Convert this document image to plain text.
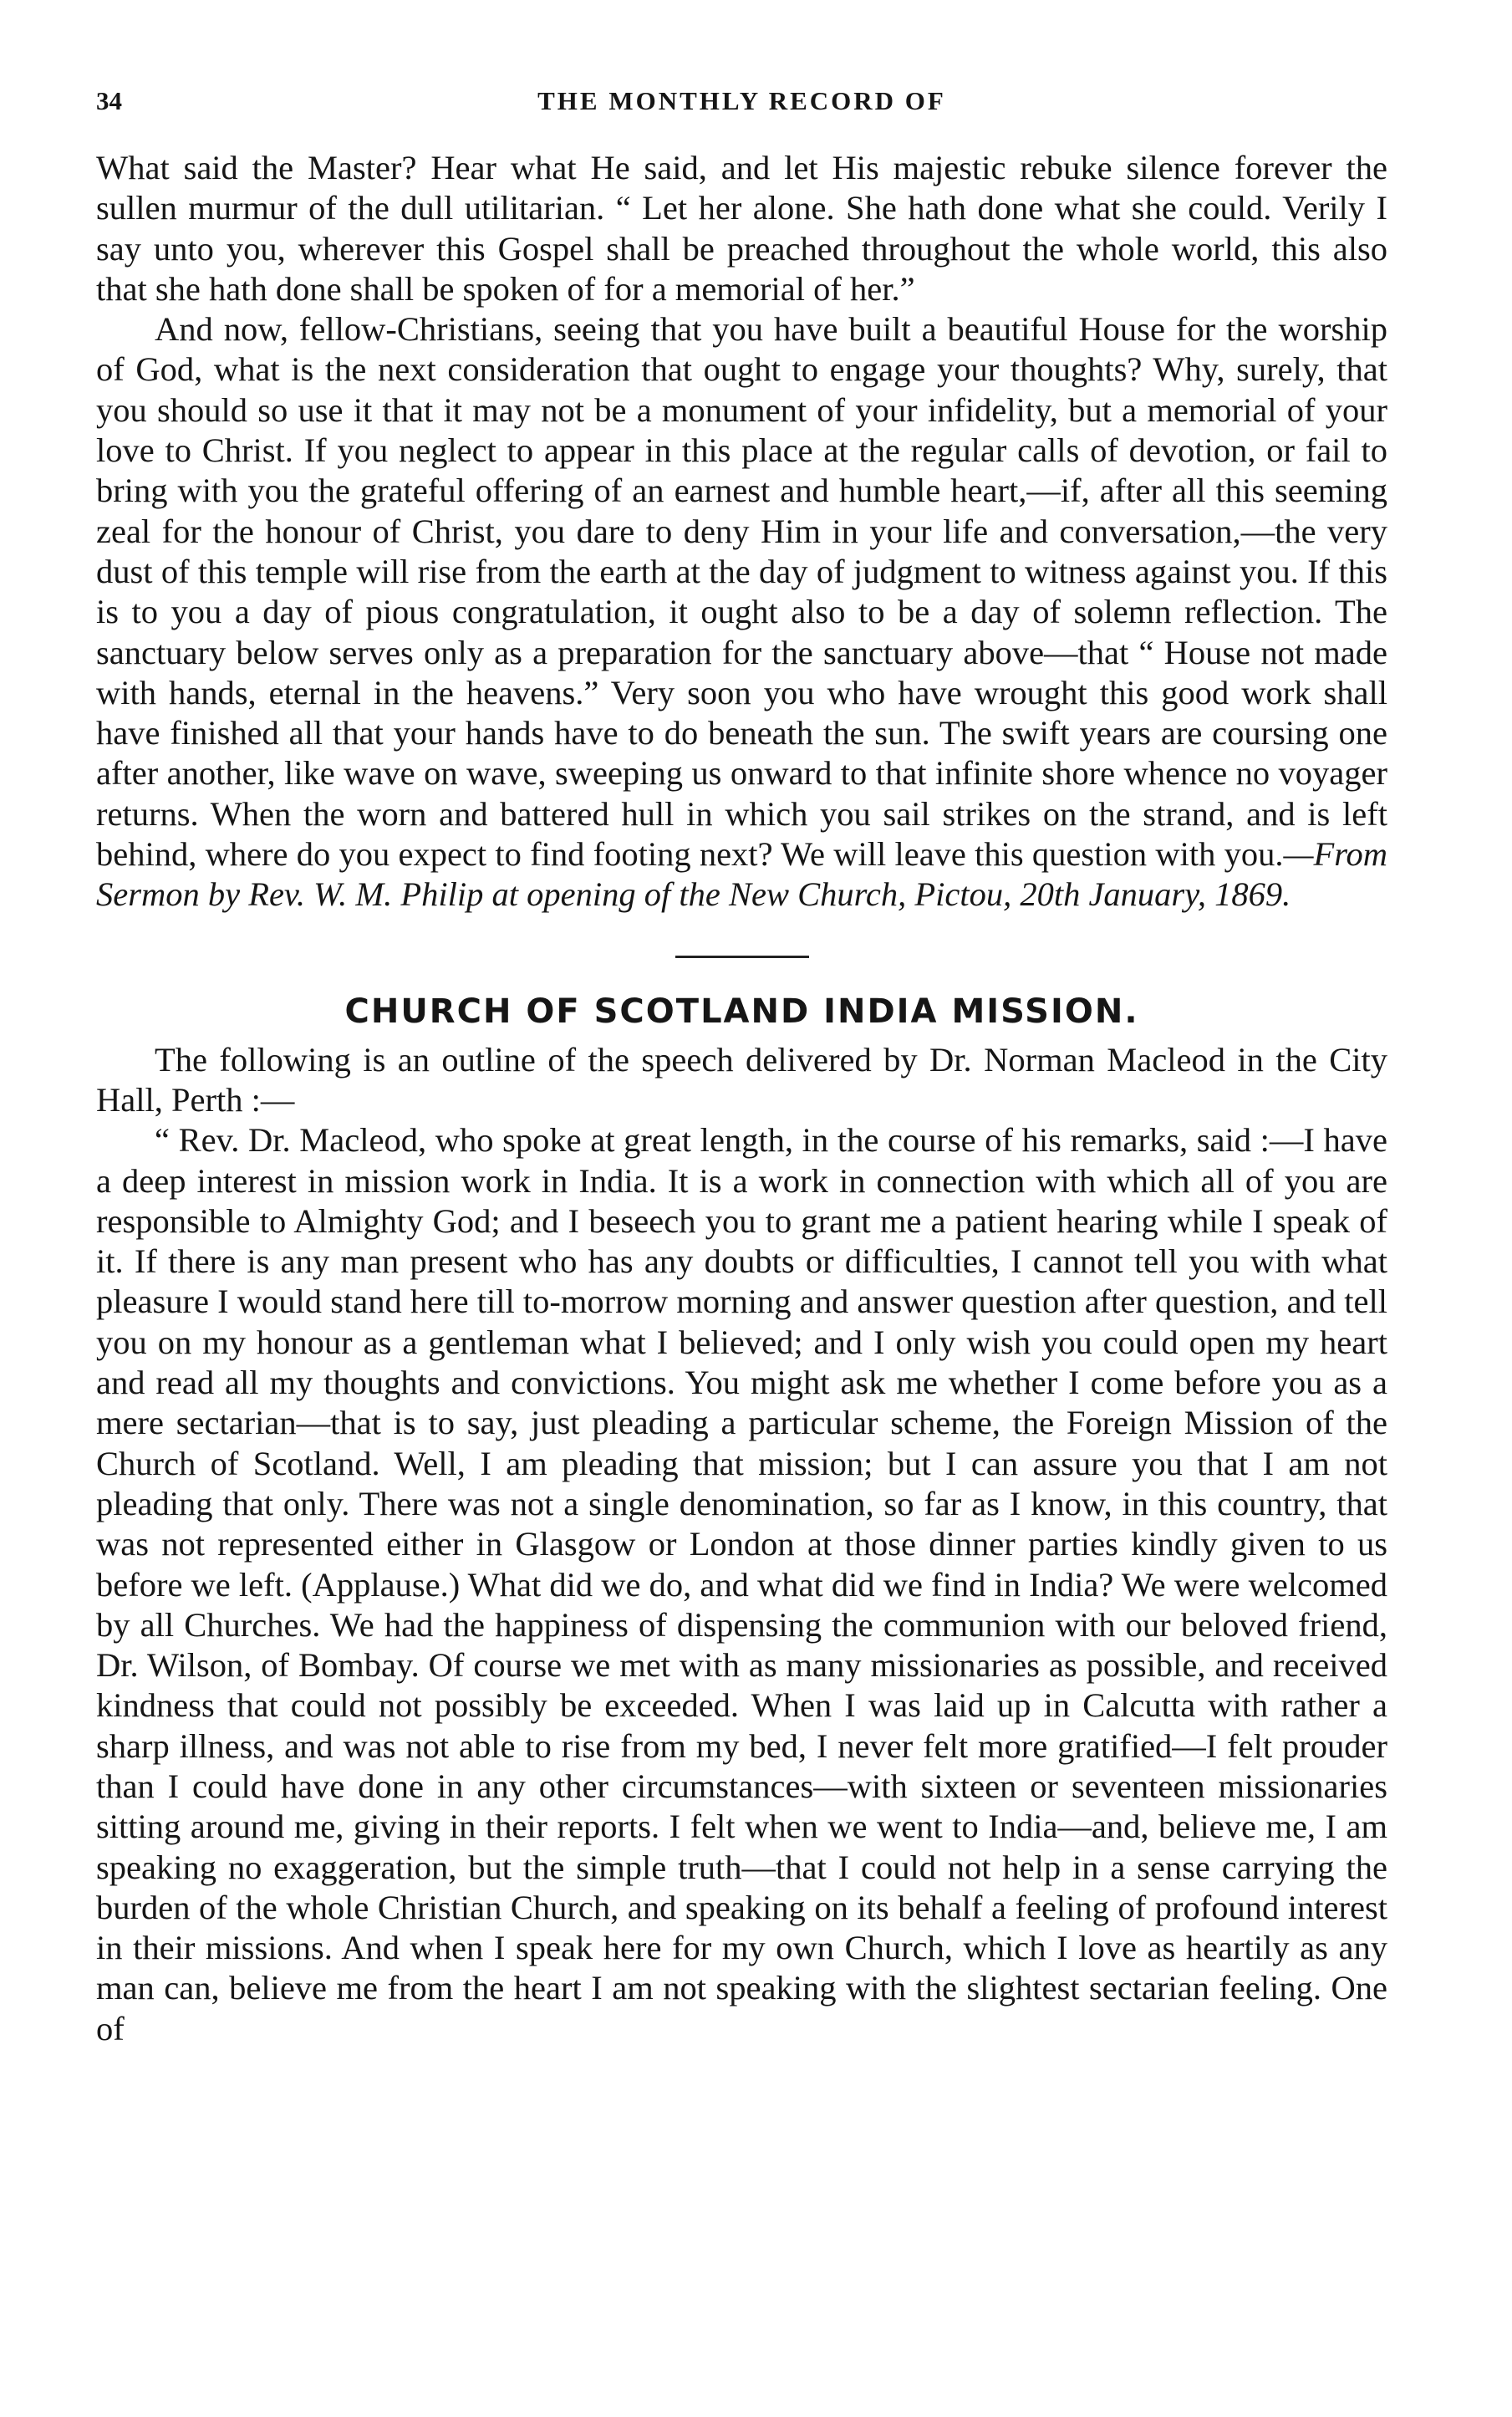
34	THE MONTHLY RECORD OF

What said the Master? Hear what He said, and let His majestic rebuke silence forever the sullen murmur of the dull utilitarian. “ Let her alone. She hath done what she could. Verily I say unto you, wherever this Gospel shall be preached throughout the whole world, this also that she hath done shall be spoken of for a memorial of her.”

And now, fellow-Christians, seeing that you have built a beautiful House for the worship of God, what is the next consideration that ought to engage your thoughts? Why, surely, that you should so use it that it may not be a monument of your infidelity, but a memorial of your love to Christ. If you neglect to appear in this place at the regular calls of devotion, or fail to bring with you the grateful offering of an earnest and humble heart,—if, after all this seeming zeal for the honour of Christ, you dare to deny Him in your life and conversation,—the very dust of this temple will rise from the earth at the day of judgment to witness against you. If this is to you a day of pious congratulation, it ought also to be a day of solemn reflection. The sanctuary below serves only as a preparation for the sanctuary above—that “ House not made with hands, eternal in the heavens.” Very soon you who have wrought this good work shall have finished all that your hands have to do beneath the sun. The swift years are coursing one after another, like wave on wave, sweeping us onward to that infinite shore whence no voyager returns. When the worn and battered hull in which you sail strikes on the strand, and is left behind, where do you expect to find footing next? We will leave this question with you.—From Sermon by Rev. W. M. Philip at opening of the New Church, Pictou, 20th January, 1869.

CHURCH OF SCOTLAND INDIA MISSION.

The following is an outline of the speech delivered by Dr. Norman Macleod in the City Hall, Perth :—

“ Rev. Dr. Macleod, who spoke at great length, in the course of his remarks, said :—I have a deep interest in mission work in India. It is a work in connection with which all of you are responsible to Almighty God; and I beseech you to grant me a patient hearing while I speak of it. If there is any man present who has any doubts or difficulties, I cannot tell you with what pleasure I would stand here till to-morrow morning and answer question after question, and tell you on my honour as a gentleman what I believed; and I only wish you could open my heart and read all my thoughts and convictions. You might ask me whether I come before you as a mere sectarian—that is to say, just pleading a particular scheme, the Foreign Mission of the Church of Scotland. Well, I am pleading that mission; but I can assure you that I am not pleading that only. There was not a single denomination, so far as I know, in this country, that was not represented either in Glasgow or London at those dinner parties kindly given to us before we left. (Applause.) What did we do, and what did we find in India? We were welcomed by all Churches. We had the happiness of dispensing the communion with our beloved friend, Dr. Wilson, of Bombay. Of course we met with as many missionaries as possible, and received kindness that could not possibly be exceeded. When I was laid up in Calcutta with rather a sharp illness, and was not able to rise from my bed, I never felt more gratified—I felt prouder than I could have done in any other circumstances—with sixteen or seventeen missionaries sitting around me, giving in their reports. I felt when we went to India—and, believe me, I am speaking no exaggeration, but the simple truth—that I could not help in a sense carrying the burden of the whole Christian Church, and speaking on its behalf a feeling of profound interest in their missions. And when I speak here for my own Church, which I love as heartily as any man can, believe me from the heart I am not speaking with the slightest sectarian feeling. One of
